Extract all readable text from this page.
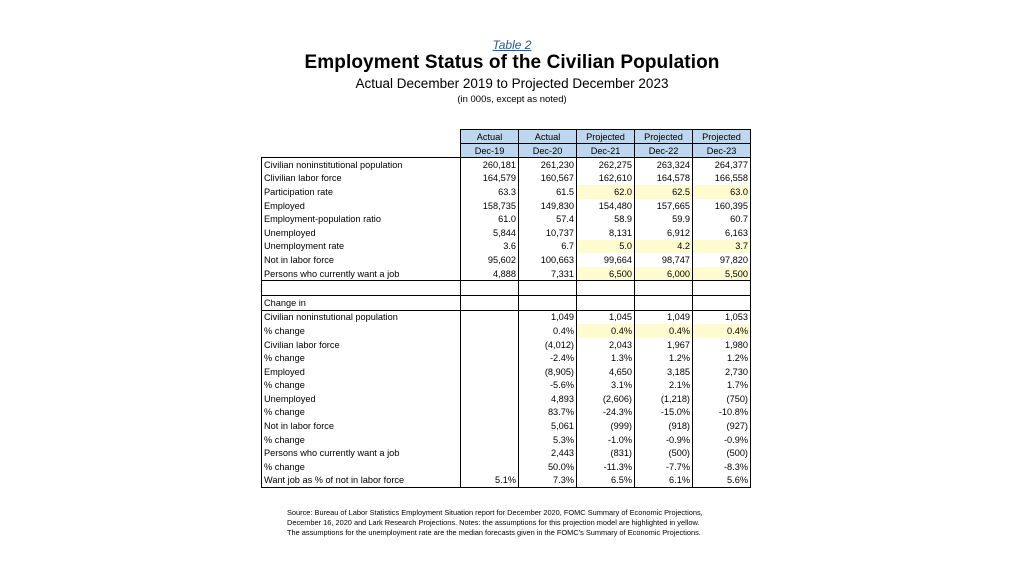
Table 2
Employment Status of the Civilian Population
Actual December 2019 to Projected December 2023
(in 000s, except as noted)
	Actual	Actual	Projected	Projected	Projected
	Dec-19	Dec-20	Dec-21	Dec-22	Dec-23
Civilian noninstitutional population	260,181	261,230	262,275	263,324	264,377
Clivilian labor force	164,579	160,567	162,610	164,578	166,558
Participation rate	63.3	61.5	62.0	62.5	63.0
Employed	158,735	149,830	154,480	157,665	160,395
Employment-population ratio	61.0	57.4	58.9	59.9	60.7
Unemployed	5,844	10,737	8,131	6,912	6,163
Unemployment rate	3.6	6.7	5.0	4.2	3.7
Not in labor force	95,602	100,663	99,664	98,747	97,820
Persons who currently want a job	4,888	7,331	6,500	6,000	5,500

Change in					
Civilian noninstutional population		1,049	1,045	1,049	1,053
% change		0.4%	0.4%	0.4%	0.4%
Civilian labor force		(4,012)	2,043	1,967	1,980
% change		-2.4%	1.3%	1.2%	1.2%
Employed		(8,905)	4,650	3,185	2,730
% change		-5.6%	3.1%	2.1%	1.7%
Unemployed		4,893	(2,606)	(1,218)	(750)
% change		83.7%	-24.3%	-15.0%	-10.8%
Not in labor force		5,061	(999)	(918)	(927)
% change		5.3%	-1.0%	-0.9%	-0.9%
Persons who currently want a job		2,443	(831)	(500)	(500)
% change		50.0%	-11.3%	-7.7%	-8.3%
Want job as % of not in labor force	5.1%	7.3%	6.5%	6.1%	5.6%
Source: Bureau of Labor Statistics Employment Situation report for December 2020, FOMC Summary of Economic Projections,
December 16, 2020 and Lark Research Projections. Notes: the assumptions for this projection model are highlighted in yellow.
The assumptions for the unemployment rate are the median forecasts given in the FOMC's Summary of Economic Projections.
